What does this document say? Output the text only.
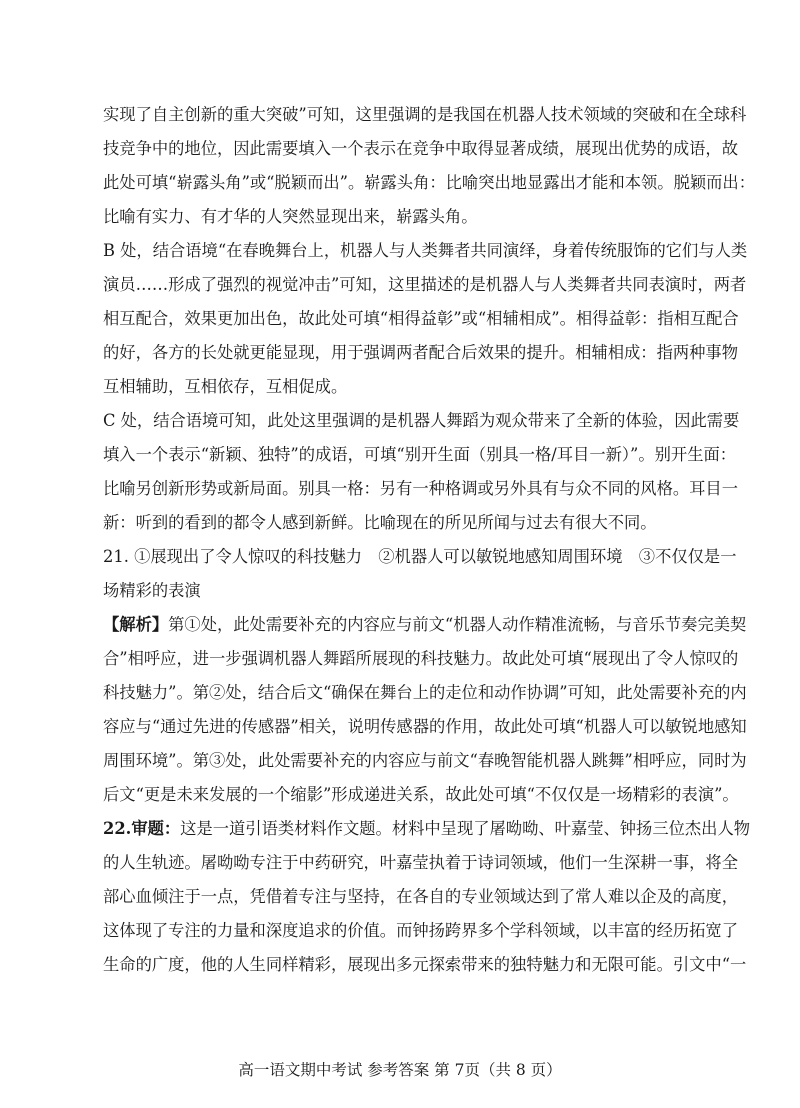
实现了自主创新的重大突破”可知，这里强调的是我国在机器人技术领域的突破和在全球科
技竞争中的地位，因此需要填入一个表示在竞争中取得显著成绩，展现出优势的成语，故
此处可填“崭露头角”或“脱颖而出”。崭露头角：比喻突出地显露出才能和本领。脱颖而出：
比喻有实力、有才华的人突然显现出来，崭露头角。
B 处，结合语境“在春晚舞台上，机器人与人类舞者共同演绎，身着传统服饰的它们与人类
演员……形成了强烈的视觉冲击”可知，这里描述的是机器人与人类舞者共同表演时，两者
相互配合，效果更加出色，故此处可填“相得益彰”或“相辅相成”。相得益彰：指相互配合
的好，各方的长处就更能显现，用于强调两者配合后效果的提升。相辅相成：指两种事物
互相辅助，互相依存，互相促成。
C 处，结合语境可知，此处这里强调的是机器人舞蹈为观众带来了全新的体验，因此需要
填入一个表示“新颖、独特”的成语，可填“别开生面（别具一格/耳目一新）”。别开生面：
比喻另创新形势或新局面。别具一格：另有一种格调或另外具有与众不同的风格。耳目一
新：听到的看到的都令人感到新鲜。比喻现在的所见所闻与过去有很大不同。
21. ①展现出了令人惊叹的科技魅力　②机器人可以敏锐地感知周围环境　③不仅仅是一
场精彩的表演
【解析】第①处，此处需要补充的内容应与前文“机器人动作精准流畅，与音乐节奏完美契
合”相呼应，进一步强调机器人舞蹈所展现的科技魅力。故此处可填“展现出了令人惊叹的
科技魅力”。第②处，结合后文“确保在舞台上的走位和动作协调”可知，此处需要补充的内
容应与“通过先进的传感器”相关，说明传感器的作用，故此处可填“机器人可以敏锐地感知
周围环境”。第③处，此处需要补充的内容应与前文“春晚智能机器人跳舞”相呼应，同时为
后文“更是未来发展的一个缩影”形成递进关系，故此处可填“不仅仅是一场精彩的表演”。
22.审题：这是一道引语类材料作文题。材料中呈现了屠呦呦、叶嘉莹、钟扬三位杰出人物
的人生轨迹。屠呦呦专注于中药研究，叶嘉莹执着于诗词领域，他们一生深耕一事，将全
部心血倾注于一点，凭借着专注与坚持，在各自的专业领域达到了常人难以企及的高度，
这体现了专注的力量和深度追求的价值。而钟扬跨界多个学科领域，以丰富的经历拓宽了
生命的广度，他的人生同样精彩，展现出多元探索带来的独特魅力和无限可能。引文中“一
高一语文期中考试 参考答案 第 7页（共 8 页）
